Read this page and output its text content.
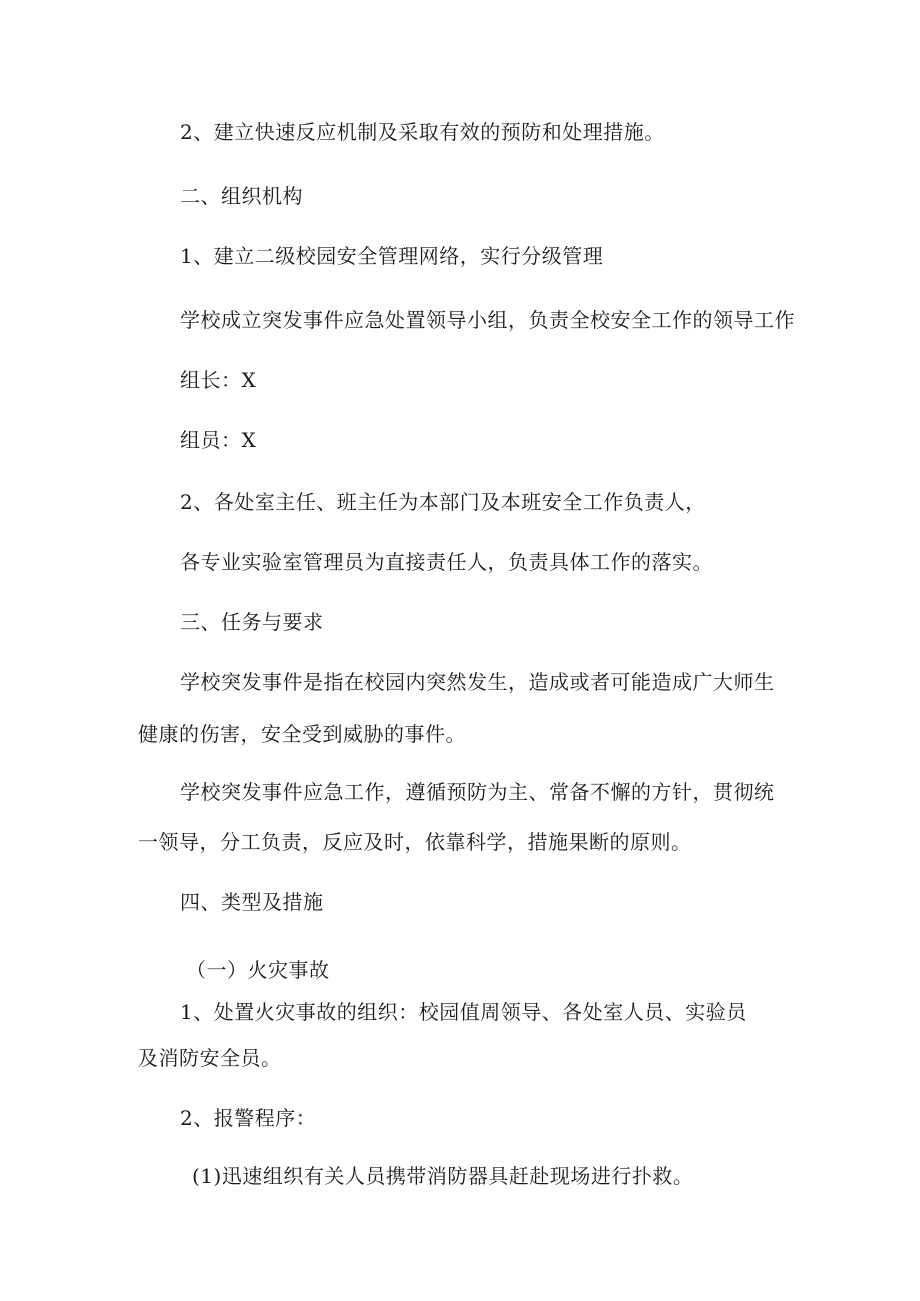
2、建立快速反应机制及采取有效的预防和处理措施。
二、组织机构
1、建立二级校园安全管理网络，实行分级管理
学校成立突发事件应急处置领导小组，负责全校安全工作的领导工作
组长：X
组员：X
2、各处室主任、班主任为本部门及本班安全工作负责人，
各专业实验室管理员为直接责任人，负责具体工作的落实。
三、任务与要求
学校突发事件是指在校园内突然发生，造成或者可能造成广大师生
健康的伤害，安全受到威胁的事件。
学校突发事件应急工作，遵循预防为主、常备不懈的方针，贯彻统
一领导，分工负责，反应及时，依靠科学，措施果断的原则。
四、类型及措施
（一）火灾事故
1、处置火灾事故的组织：校园值周领导、各处室人员、实验员
及消防安全员。
2、报警程序：
(1)迅速组织有关人员携带消防器具赶赴现场进行扑救。
